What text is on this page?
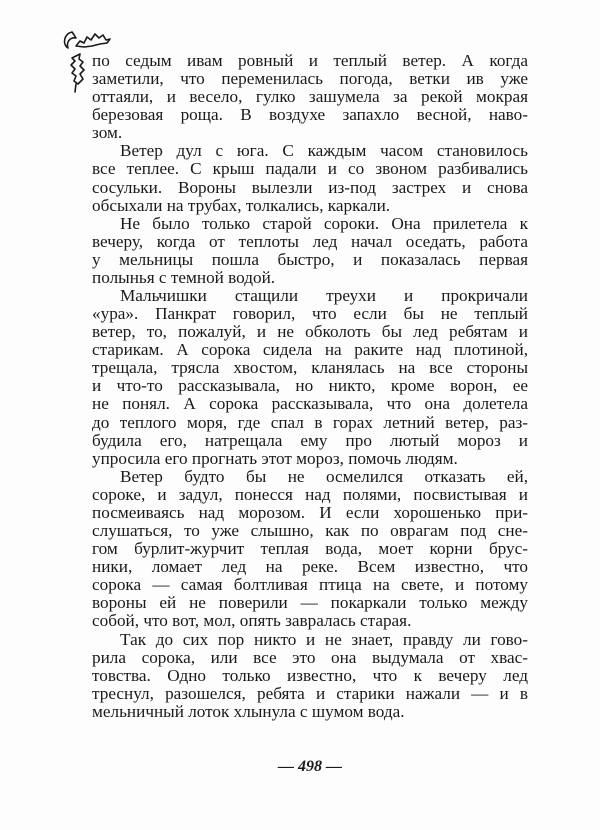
по седым ивам ровный и теплый ветер. А когда
заметили, что переменилась погода, ветки ив уже
оттаяли, и весело, гулко зашумела за рекой мокрая
березовая роща. В воздухе запахло весной, наво-
зом.
Ветер дул с юга. С каждым часом становилось
все теплее. С крыш падали и со звоном разбивались
сосульки. Вороны вылезли из-под застрех и снова
обсыхали на трубах, толкались, каркали.
Не было только старой сороки. Она прилетела к
вечеру, когда от теплоты лед начал оседать, работа
у мельницы пошла быстро, и показалась первая
полынья с темной водой.
Мальчишки стащили треухи и прокричали
«ура». Панкрат говорил, что если бы не теплый
ветер, то, пожалуй, и не обколоть бы лед ребятам и
старикам. А сорока сидела на раките над плотиной,
трещала, трясла хвостом, кланялась на все стороны
и что-то рассказывала, но никто, кроме ворон, ее
не понял. А сорока рассказывала, что она долетела
до теплого моря, где спал в горах летний ветер, раз-
будила его, натрещала ему про лютый мороз и
упросила его прогнать этот мороз, помочь людям.
Ветер будто бы не осмелился отказать ей,
сороке, и задул, понесся над полями, посвистывая и
посмеиваясь над морозом. И если хорошенько при-
слушаться, то уже слышно, как по оврагам под сне-
гом бурлит-журчит теплая вода, моет корни брус-
ники, ломает лед на реке. Всем известно, что
сорока — самая болтливая птица на свете, и потому
вороны ей не поверили — покаркали только между
собой, что вот, мол, опять завралась старая.
Так до сих пор никто и не знает, правду ли гово-
рила сорока, или все это она выдумала от хвас-
товства. Одно только известно, что к вечеру лед
треснул, разошелся, ребята и старики нажали — и в
мельничный лоток хлынула с шумом вода.
— 498 —
